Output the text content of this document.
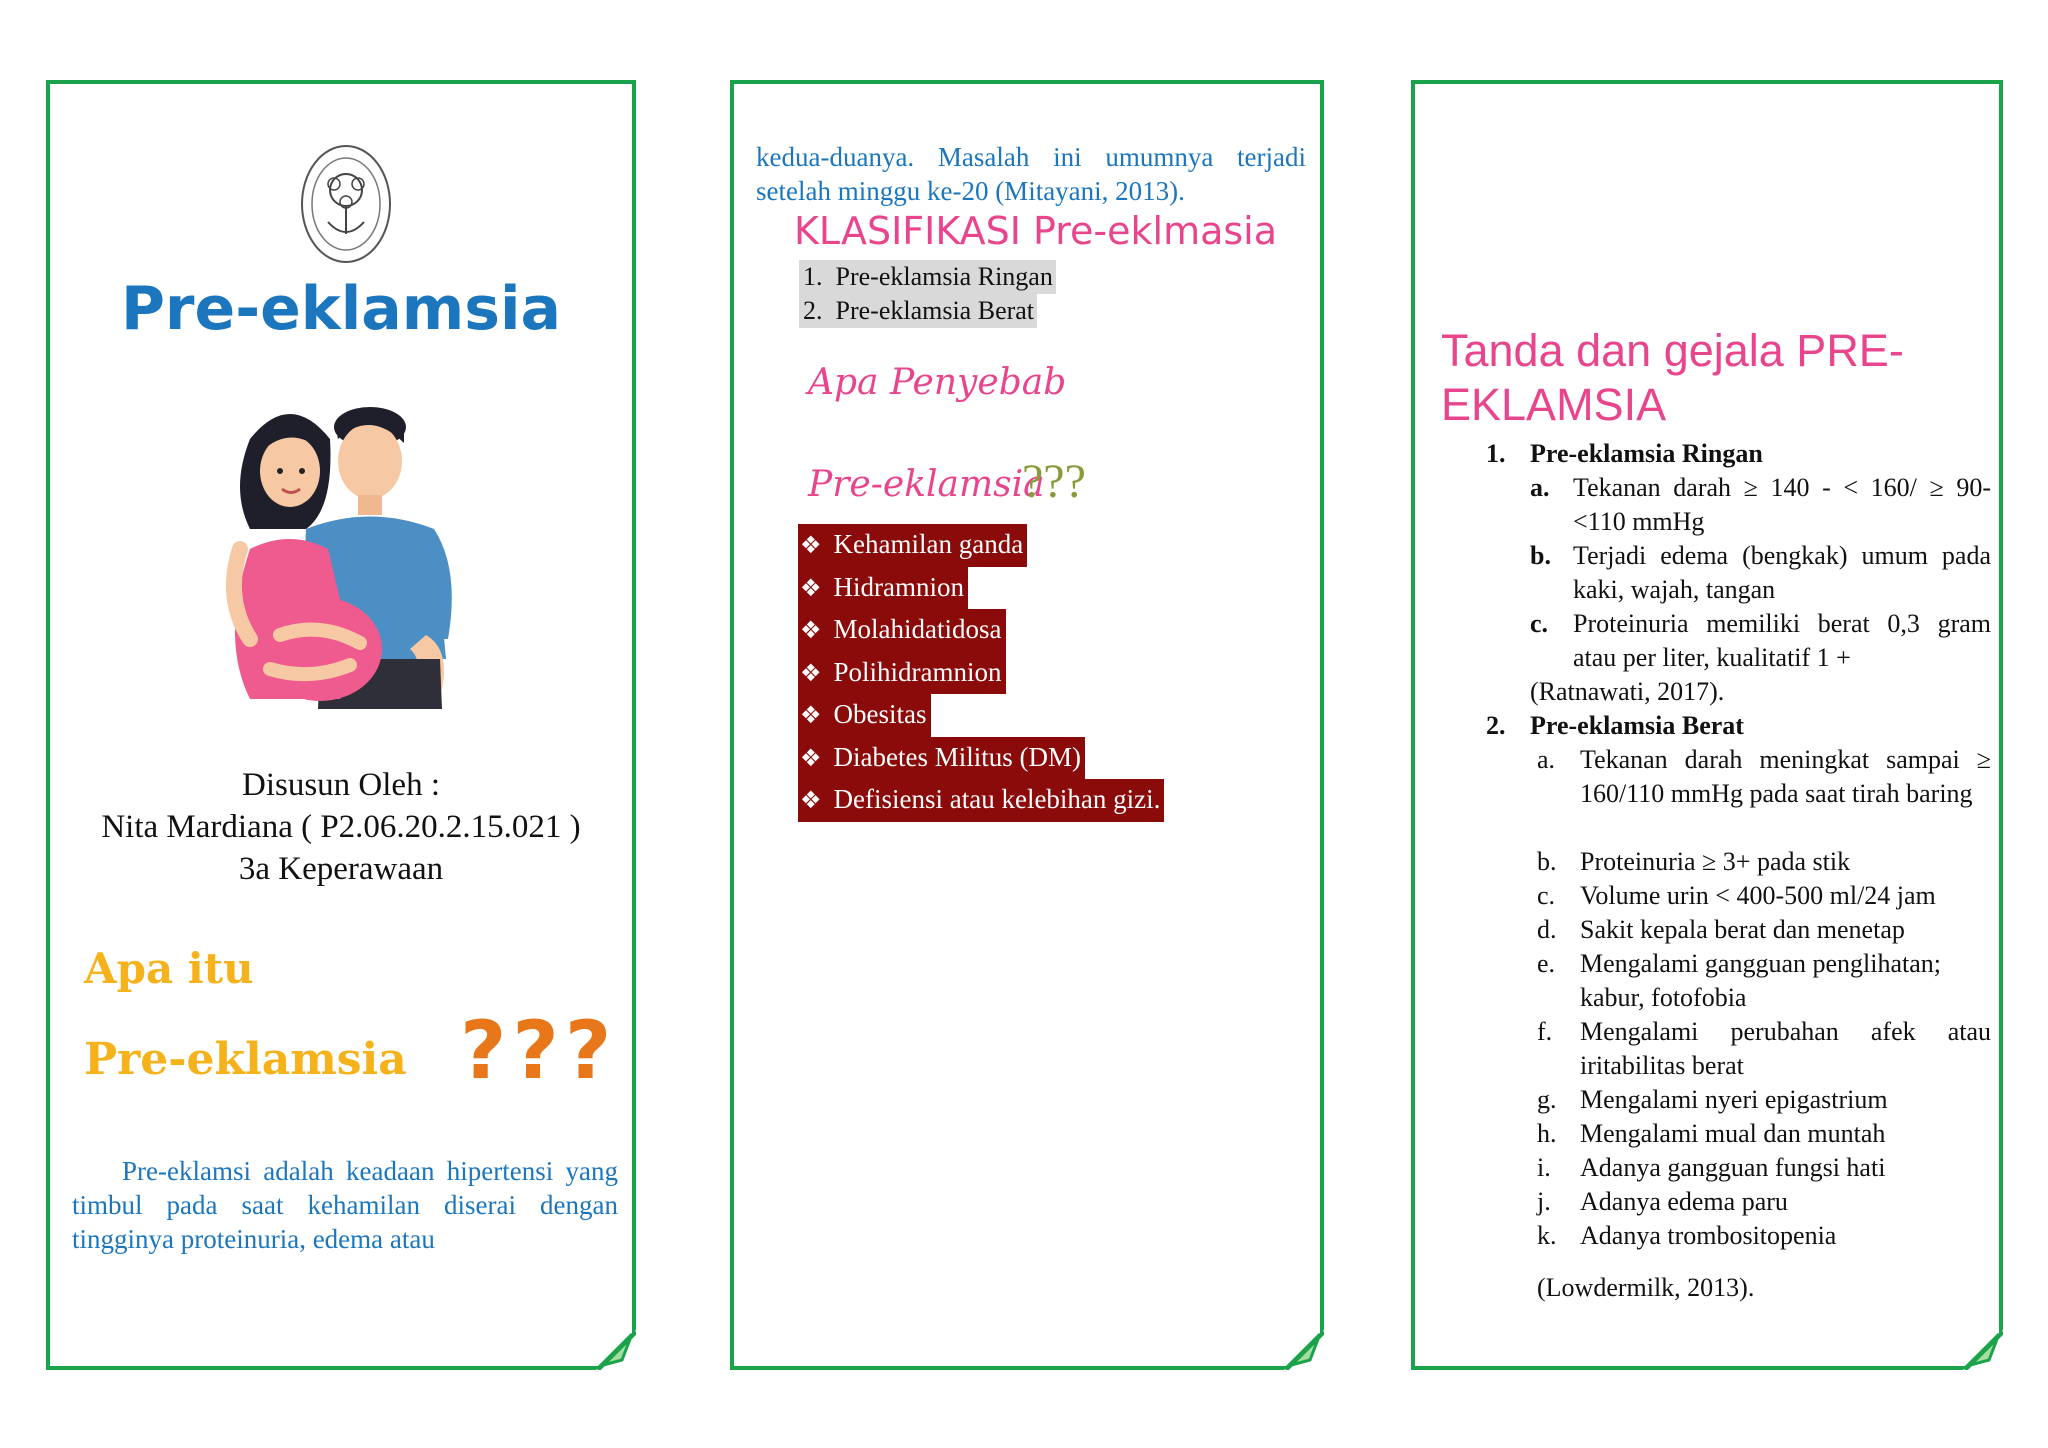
Pre-eklamsia
Disusun Oleh :
Nita Mardiana ( P2.06.20.2.15.021 )
3a Keperawaan
Apa itu
Pre-eklamsia ???
Pre-eklamsi adalah keadaan hipertensi yang timbul pada saat kehamilan diserai dengan tingginya proteinuria, edema atau
kedua-duanya. Masalah ini umumnya terjadi setelah minggu ke-20 (Mitayani, 2013).
KLASIFIKASI Pre-eklmasia
1. Pre-eklamsia Ringan
2. Pre-eklamsia Berat
Apa Penyebab
Pre-eklamsia
???
❖ Kehamilan ganda
❖ Hidramnion
❖ Molahidatidosa
❖ Polihidramnion
❖ Obesitas
❖ Diabetes Militus (DM)
❖ Defisiensi atau kelebihan gizi.
Tanda dan gejala PRE-EKLAMSIA
1. Pre-eklamsia Ringan
a. Tekanan darah ≥ 140 - < 160/ ≥ 90-<110 mmHg
b. Terjadi edema (bengkak) umum pada kaki, wajah, tangan
c. Proteinuria memiliki berat 0,3 gram atau per liter, kualitatif 1 +
(Ratnawati, 2017).
2. Pre-eklamsia Berat
a. Tekanan darah meningkat sampai ≥ 160/110 mmHg pada saat tirah baring
b. Proteinuria ≥ 3+ pada stik
c. Volume urin < 400-500 ml/24 jam
d. Sakit kepala berat dan menetap
e. Mengalami gangguan penglihatan; kabur, fotofobia
f. Mengalami perubahan afek atau iritabilitas berat
g. Mengalami nyeri epigastrium
h. Mengalami mual dan muntah
i. Adanya gangguan fungsi hati
j. Adanya edema paru
k. Adanya trombositopenia
(Lowdermilk, 2013).
